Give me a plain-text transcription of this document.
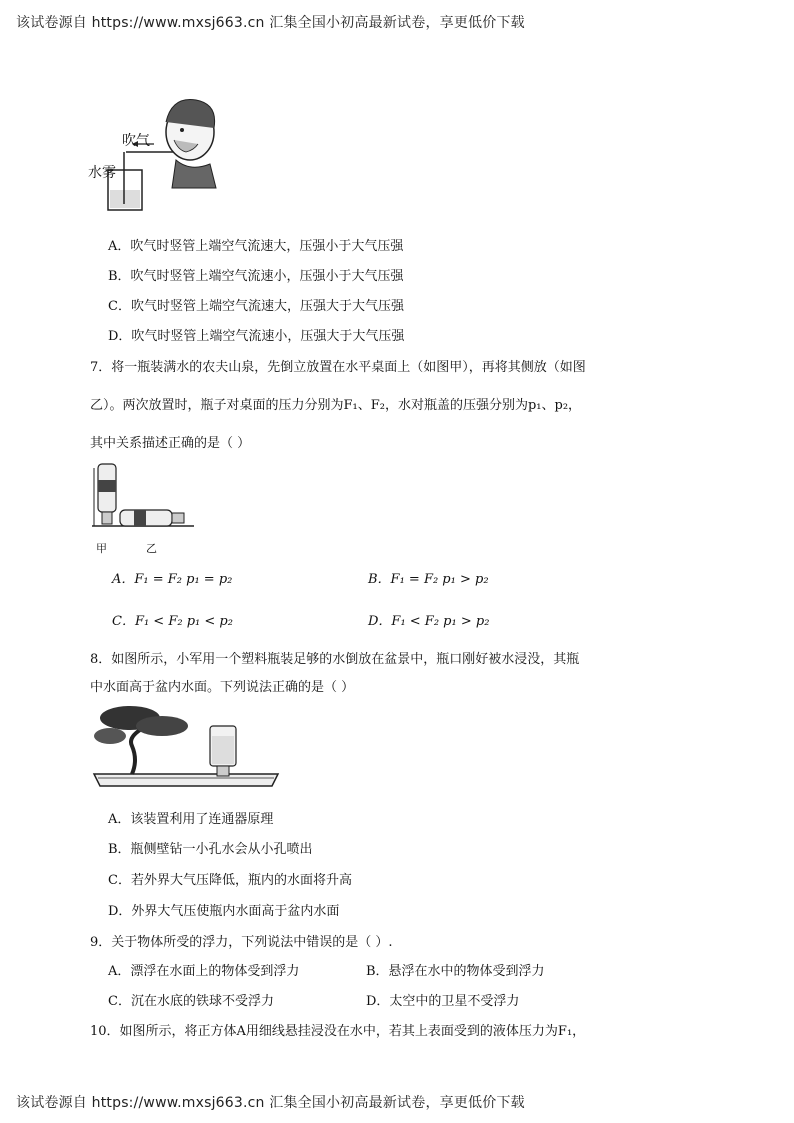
该试卷源自 https://www.mxsj663.cn 汇集全国小初高最新试卷，享更低价下载
吹气
水雾
A．吹气时竖管上端空气流速大，压强小于大气压强
B．吹气时竖管上端空气流速小，压强小于大气压强
C．吹气时竖管上端空气流速大，压强大于大气压强
D．吹气时竖管上端空气流速小，压强大于大气压强
7．将一瓶装满水的农夫山泉，先倒立放置在水平桌面上（如图甲），再将其侧放（如图
乙）。两次放置时，瓶子对桌面的压力分别为F₁、F₂，水对瓶盖的压强分别为p₁、p₂，
其中关系描述正确的是（ ）
甲	乙
A．F₁ = F₂ p₁ = p₂	B．F₁ = F₂ p₁ > p₂
C．F₁ < F₂ p₁ < p₂	D．F₁ < F₂ p₁ > p₂
8．如图所示，小军用一个塑料瓶装足够的水倒放在盆景中，瓶口刚好被水浸没，其瓶
中水面高于盆内水面。下列说法正确的是（ ）
A．该装置利用了连通器原理
B．瓶侧壁钻一小孔水会从小孔喷出
C．若外界大气压降低，瓶内的水面将升高
D．外界大气压使瓶内水面高于盆内水面
9．关于物体所受的浮力，下列说法中错误的是（ ）.
A．漂浮在水面上的物体受到浮力	B．悬浮在水中的物体受到浮力
C．沉在水底的铁球不受浮力	D．太空中的卫星不受浮力
10．如图所示，将正方体A用细线悬挂浸没在水中，若其上表面受到的液体压力为F₁，
该试卷源自 https://www.mxsj663.cn 汇集全国小初高最新试卷，享更低价下载
